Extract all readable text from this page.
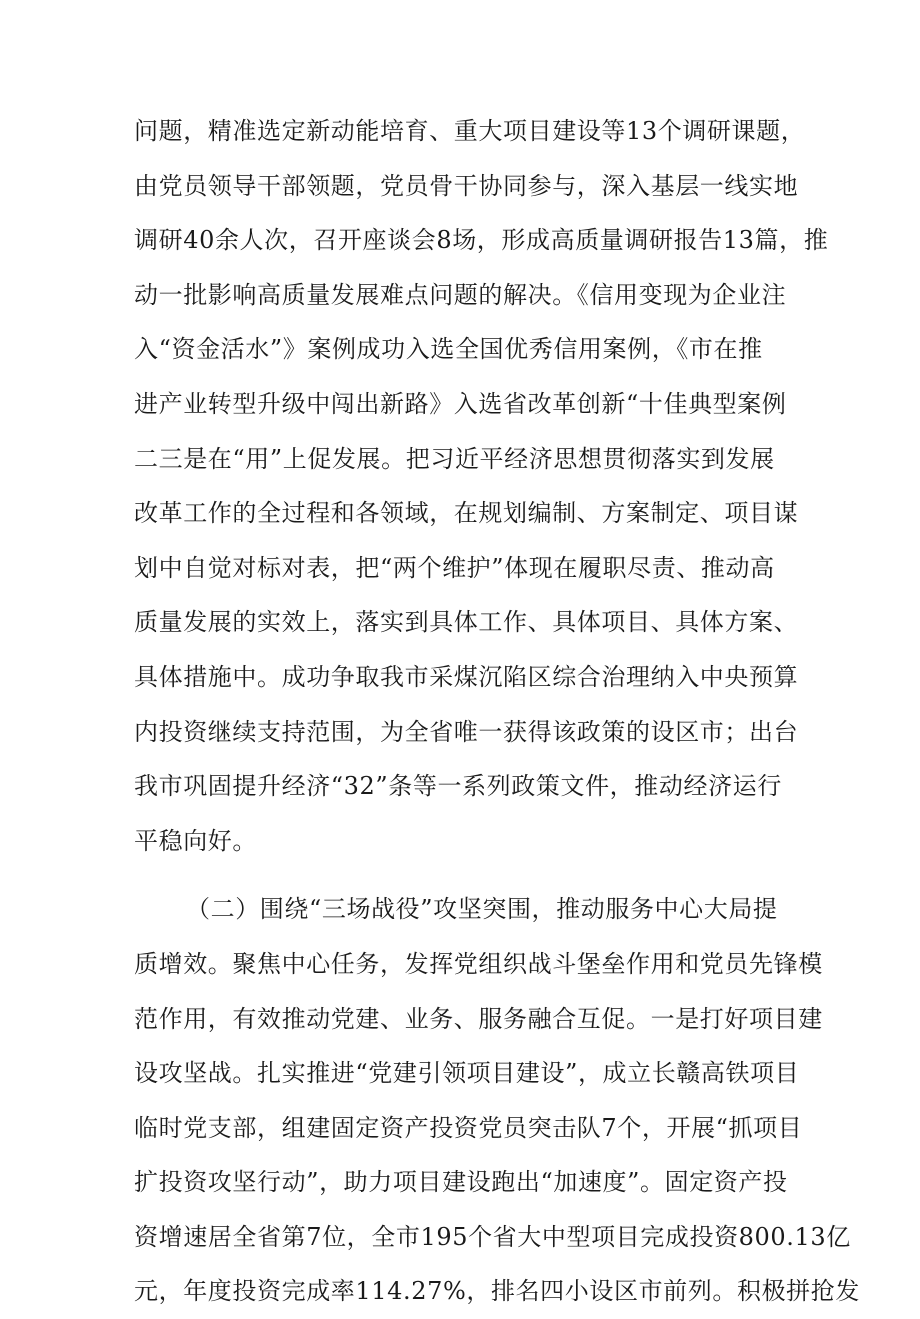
问题，精准选定新动能培育、重大项目建设等13个调研课题，
由党员领导干部领题，党员骨干协同参与，深入基层一线实地
调研40余人次，召开座谈会8场，形成高质量调研报告13篇，推
动一批影响高质量发展难点问题的解决。《信用变现为企业注
入“资金活水”》案例成功入选全国优秀信用案例，《市在推
进产业转型升级中闯出新路》入选省改革创新“十佳典型案例
二三是在“用”上促发展。把习近平经济思想贯彻落实到发展
改革工作的全过程和各领域，在规划编制、方案制定、项目谋
划中自觉对标对表，把“两个维护”体现在履职尽责、推动高
质量发展的实效上，落实到具体工作、具体项目、具体方案、
具体措施中。成功争取我市采煤沉陷区综合治理纳入中央预算
内投资继续支持范围，为全省唯一获得该政策的设区市；出台
我市巩固提升经济“32”条等一系列政策文件，推动经济运行
平稳向好。
（二）围绕“三场战役”攻坚突围，推动服务中心大局提
质增效。聚焦中心任务，发挥党组织战斗堡垒作用和党员先锋模
范作用，有效推动党建、业务、服务融合互促。一是打好项目建
设攻坚战。扎实推进“党建引领项目建设”，成立长赣高铁项目
临时党支部，组建固定资产投资党员突击队7个，开展“抓项目
扩投资攻坚行动”，助力项目建设跑出“加速度”。固定资产投
资增速居全省第7位，全市195个省大中型项目完成投资800.13亿
元，年度投资完成率114.27%，排名四小设区市前列。积极拼抢发
